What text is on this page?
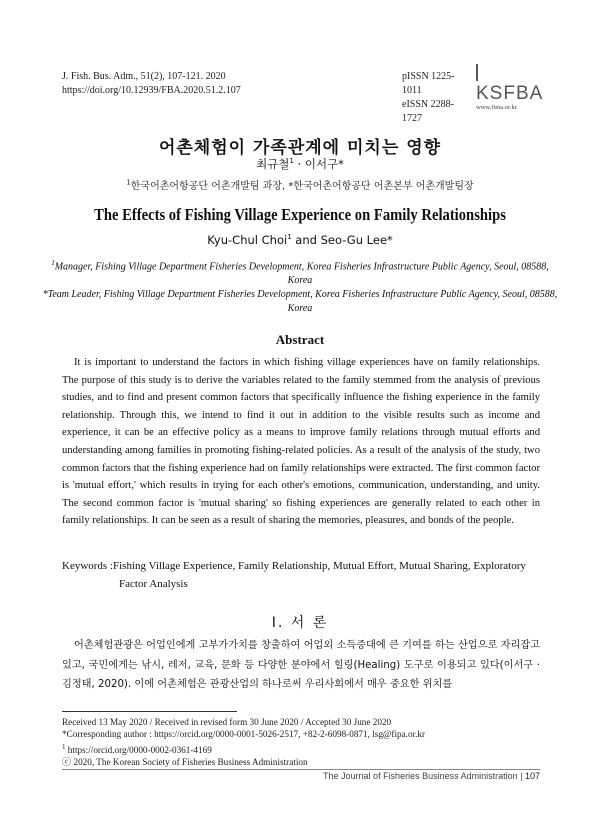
J. Fish. Bus. Adm., 51(2), 107-121. 2020
https://doi.org/10.12939/FBA.2020.51.2.107
pISSN 1225-1011
eISSN 2288-1727
KSFBA
www.fima.or.kr
어촌체험이 가족관계에 미치는 영향
최규철$^1$ · 이서구*
$^1$한국어촌어항공단 어촌개발팀 과장, *한국어촌어항공단 어촌본부 어촌개발팀장
The Effects of Fishing Village Experience on Family Relationships
Kyu-Chul Choi$^1$ and Seo-Gu Lee*
$^1$Manager, Fishing Village Department Fisheries Development, Korea Fisheries Infrastructure Public Agency, Seoul, 08588, Korea
*Team Leader, Fishing Village Department Fisheries Development, Korea Fisheries Infrastructure Public Agency, Seoul, 08588, Korea
Abstract

It is important to understand the factors in which fishing village experiences have on family relationships. The purpose of this study is to derive the variables related to the family stemmed from the analysis of previous studies, and to find and present common factors that specifically influence the fishing experience in the family relationship. Through this, we intend to find it out in addition to the visible results such as income and experience, it can be an effective policy as a means to improve family relations through mutual efforts and understanding among families in promoting fishing-related policies. As a result of the analysis of the study, two common factors that the fishing experience had on family relationships were extracted. The first common factor is 'mutual effort,' which results in trying for each other's emotions, communication, understanding, and unity. The second common factor is 'mutual sharing' so fishing experiences are generally related to each other in family relationships. It can be seen as a result of sharing the memories, pleasures, and bonds of the people.

Keywords : Fishing Village Experience, Family Relationship, Mutual Effort, Mutual Sharing, Exploratory Factor Analysis
Ⅰ. 서 론

어촌체험관광은 어업인에게 고부가가치를 창출하여 어업외 소득증대에 큰 기여를 하는 산업으로 자리잡고 있고, 국민에게는 낚시, 레저, 교육, 문화 등 다양한 분야에서 힐링(Healing) 도구로 이용되고 있다(이서구 · 김정태, 2020). 이에 어촌체험은 관광산업의 하나로써 우리사회에서 매우 중요한 위치를

Received 13 May 2020 / Received in revised form 30 June 2020 / Accepted 30 June 2020
*Corresponding author : https://orcid.org/0000-0001-5026-2517, +82-2-6098-0871, lsg@fipa.or.kr
$^1$ https://orcid.org/0000-0002-0361-4169
ⓒ 2020, The Korean Society of Fisheries Business Administration
The Journal of Fisheries Business Administration | 107
